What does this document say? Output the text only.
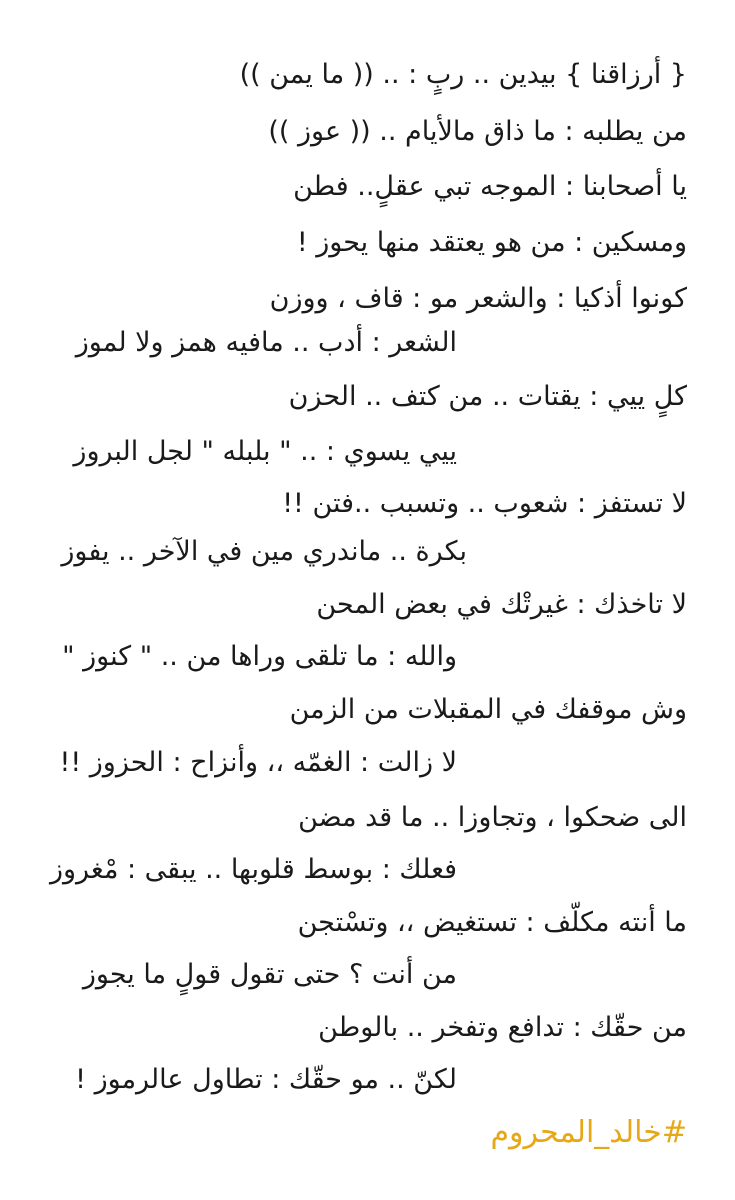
{ أرزاقنا } بيدين .. ربٍ : .. (( ما يمن ))
من يطلبه : ما ذاق مالأيام .. (( عوز ))
يا أصحابنا : الموجه تبي عقلٍ.. فطن
ومسكين : من هو يعتقد منها يحوز !
كونوا أذكيا : والشعر مو : قاف ، ووزن
الشعر : أدب .. مافيه همز ولا لموز
كلٍ ييي : يقتات .. من كتف .. الحزن
ييي يسوي : .. " بلبله " لجل البروز
لا تستفز : شعوب .. وتسبب ..فتن !!
بكرة .. ماندري مين في الآخر .. يفوز
لا تاخذك : غيرتْك في بعض المحن
والله : ما تلقى وراها من .. " كنوز "
وش موقفك في المقبلات من الزمن
لا زالت : الغمّه ،، وأنزاح : الحزوز !!
الى ضحكوا ، وتجاوزا .. ما قد مضن
فعلك : بوسط قلوبها .. يبقى : مْغروز
ما أنته مكلّف : تستغيض ،، وتسْتجن
من أنت ؟ حتى تقول قولٍ ما يجوز
من حقّك : تدافع وتفخر .. بالوطن
لكنّ .. مو حقّك : تطاول عالرموز !
#خالد_المحروم
